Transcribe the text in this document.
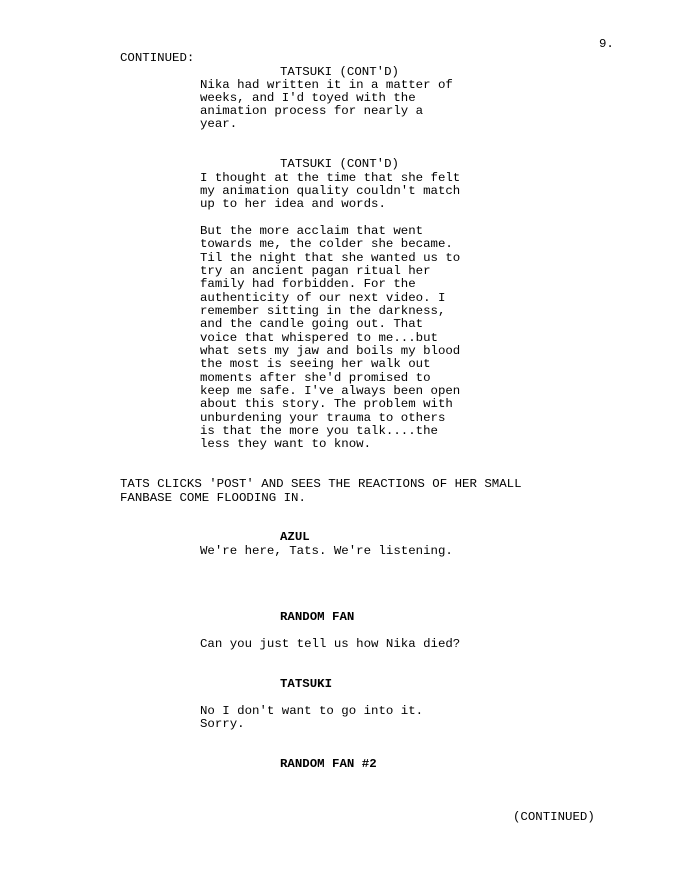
9.
CONTINUED:
TATSUKI (CONT'D)
Nika had written it in a matter of
weeks, and I'd toyed with the
animation process for nearly a
year.
TATSUKI (CONT'D)
I thought at the time that she felt
my animation quality couldn't match
up to her idea and words.
But the more acclaim that went
towards me, the colder she became.
Til the night that she wanted us to
try an ancient pagan ritual her
family had forbidden. For the
authenticity of our next video. I
remember sitting in the darkness,
and the candle going out. That
voice that whispered to me...but
what sets my jaw and boils my blood
the most is seeing her walk out
moments after she'd promised to
keep me safe. I've always been open
about this story. The problem with
unburdening your trauma to others
is that the more you talk....the
less they want to know.
TATS CLICKS 'POST' AND SEES THE REACTIONS OF HER SMALL
FANBASE COME FLOODING IN.
AZUL
We're here, Tats. We're listening.
RANDOM FAN
Can you just tell us how Nika died?
TATSUKI
No I don't want to go into it.
Sorry.
RANDOM FAN #2
(CONTINUED)
